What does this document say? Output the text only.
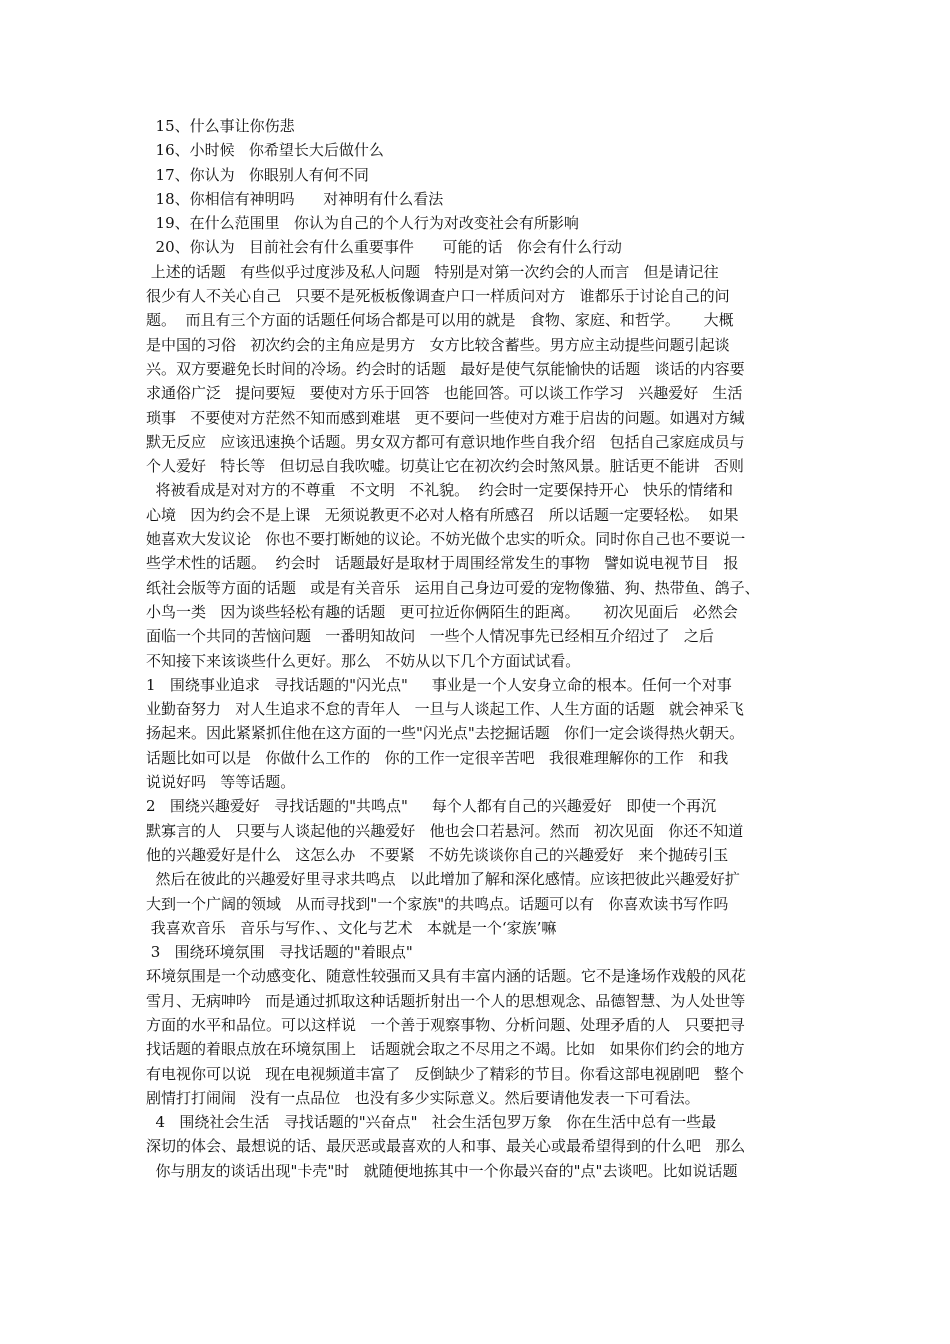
15、什么事让你伤悲
16、小时候   你希望长大后做什么
17、你认为   你眼别人有何不同
18、你相信有神明吗      对神明有什么看法
19、在什么范围里   你认为自己的个人行为对改变社会有所影响
20、你认为   目前社会有什么重要事件      可能的话   你会有什么行动
上述的话题   有些似乎过度涉及私人问题   特别是对第一次约会的人而言   但是请记往
很少有人不关心自己   只要不是死板板像调查户口一样质问对方   谁都乐于讨论自己的问
题。  而且有三个方面的话题任何场合都是可以用的就是   食物、家庭、和哲学。     大概
是中国的习俗   初次约会的主角应是男方   女方比较含蓄些。男方应主动提些问题引起谈
兴。双方要避免长时间的冷场。约会时的话题   最好是使气氛能愉快的话题   谈话的内容要
求通俗广泛   提问要短   要使对方乐于回答   也能回答。可以谈工作学习   兴趣爱好   生活
琐事   不要使对方茫然不知而感到难堪   更不要问一些使对方难于启齿的问题。如遇对方缄
默无反应   应该迅速换个话题。男女双方都可有意识地作些自我介绍   包括自己家庭成员与
个人爱好   特长等   但切忌自我吹嘘。切莫让它在初次约会时煞风景。脏话更不能讲   否则
将被看成是对对方的不尊重   不文明   不礼貌。  约会时一定要保持开心   快乐的情绪和
心境   因为约会不是上课   无须说教更不必对人格有所感召   所以话题一定要轻松。  如果
她喜欢大发议论   你也不要打断她的议论。不妨光做个忠实的听众。同时你自己也不要说一
些学术性的话题。  约会时   话题最好是取材于周围经常发生的事物   譬如说电视节目   报
纸社会版等方面的话题   或是有关音乐   运用自己身边可爱的宠物像猫、狗、热带鱼、鸽子、
小鸟一类   因为谈些轻松有趣的话题   更可拉近你俩陌生的距离。     初次见面后   必然会
面临一个共同的苦恼问题   一番明知故问   一些个人情况事先已经相互介绍过了   之后
不知接下来该谈些什么更好。那么   不妨从以下几个方面试试看。
1   围绕事业追求   寻找话题的"闪光点"     事业是一个人安身立命的根本。任何一个对事
业勤奋努力   对人生追求不怠的青年人   一旦与人谈起工作、人生方面的话题   就会神采飞
扬起来。因此紧紧抓住他在这方面的一些"闪光点"去挖掘话题   你们一定会谈得热火朝天。
话题比如可以是   你做什么工作的   你的工作一定很辛苦吧   我很难理解你的工作   和我
说说好吗   等等话题。
2   围绕兴趣爱好   寻找话题的"共鸣点"     每个人都有自己的兴趣爱好   即使一个再沉
默寡言的人   只要与人谈起他的兴趣爱好   他也会口若悬河。然而   初次见面   你还不知道
他的兴趣爱好是什么   这怎么办   不要紧   不妨先谈谈你自己的兴趣爱好   来个抛砖引玉
然后在彼此的兴趣爱好里寻求共鸣点   以此增加了解和深化感情。应该把彼此兴趣爱好扩
大到一个广阔的领域   从而寻找到"一个家族"的共鸣点。话题可以有   你喜欢读书写作吗
我喜欢音乐   音乐与写作、、文化与艺术   本就是一个‘家族’嘛
3   围绕环境氛围   寻找话题的"着眼点"
环境氛围是一个动感变化、随意性较强而又具有丰富内涵的话题。它不是逢场作戏般的风花
雪月、无病呻吟   而是通过抓取这种话题折射出一个人的思想观念、品德智慧、为人处世等
方面的水平和品位。可以这样说   一个善于观察事物、分析问题、处理矛盾的人   只要把寻
找话题的着眼点放在环境氛围上   话题就会取之不尽用之不竭。比如   如果你们约会的地方
有电视你可以说   现在电视频道丰富了   反倒缺少了精彩的节目。你看这部电视剧吧   整个
剧情打打闹闹   没有一点品位   也没有多少实际意义。然后要请他发表一下可看法。
4   围绕社会生活   寻找话题的"兴奋点"   社会生活包罗万象   你在生活中总有一些最
深切的体会、最想说的话、最厌恶或最喜欢的人和事、最关心或最希望得到的什么吧   那么
你与朋友的谈话出现"卡壳"时   就随便地拣其中一个你最兴奋的"点"去谈吧。比如说话题
